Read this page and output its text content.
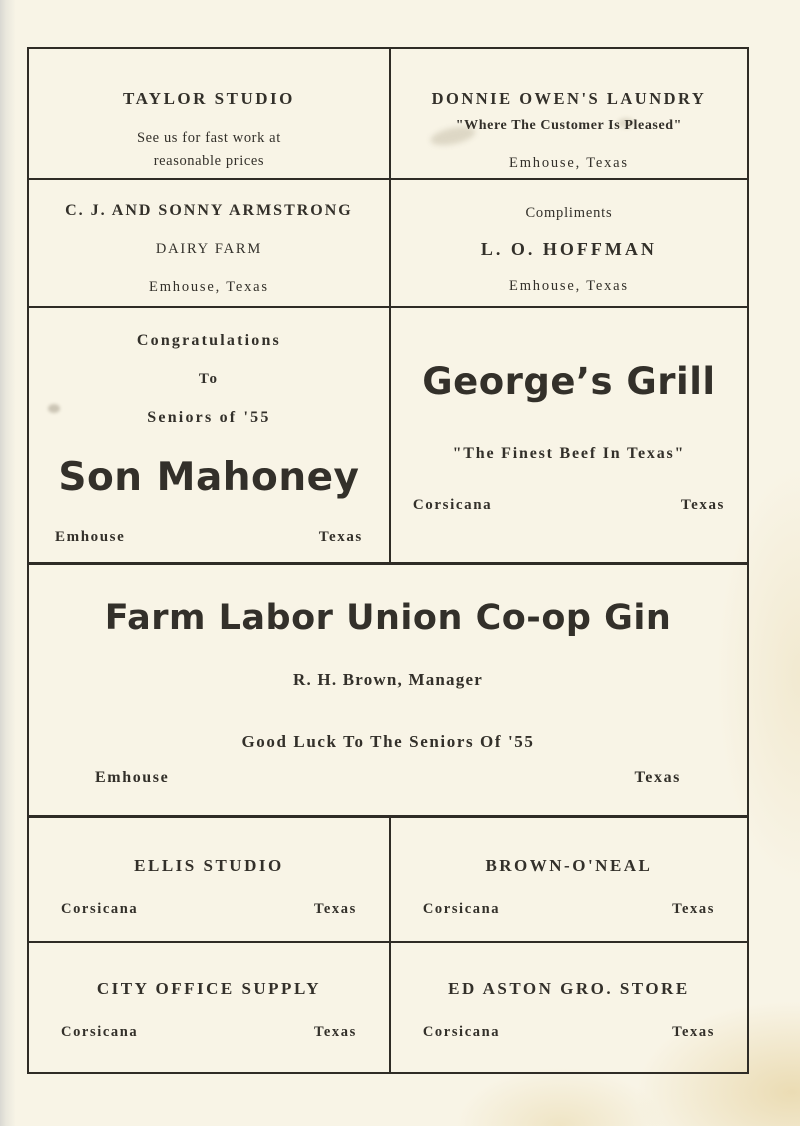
TAYLOR STUDIO
See us for fast work at
reasonable prices
DONNIE OWEN'S LAUNDRY
"Where The Customer Is Pleased"
Emhouse, Texas
C. J. AND SONNY ARMSTRONG
DAIRY FARM
Emhouse, Texas
Compliments
L. O. HOFFMAN
Emhouse, Texas
Congratulations
To
Seniors of '55
Son Mahoney
Emhouse	Texas
George’s Grill
"The Finest Beef In Texas"
Corsicana	Texas
Farm Labor Union Co-op Gin
R. H. Brown, Manager
Good Luck To The Seniors Of '55
Emhouse	Texas
ELLIS STUDIO
Corsicana	Texas
BROWN-O'NEAL
Corsicana	Texas
CITY OFFICE SUPPLY
Corsicana	Texas
ED ASTON GRO. STORE
Corsicana	Texas
